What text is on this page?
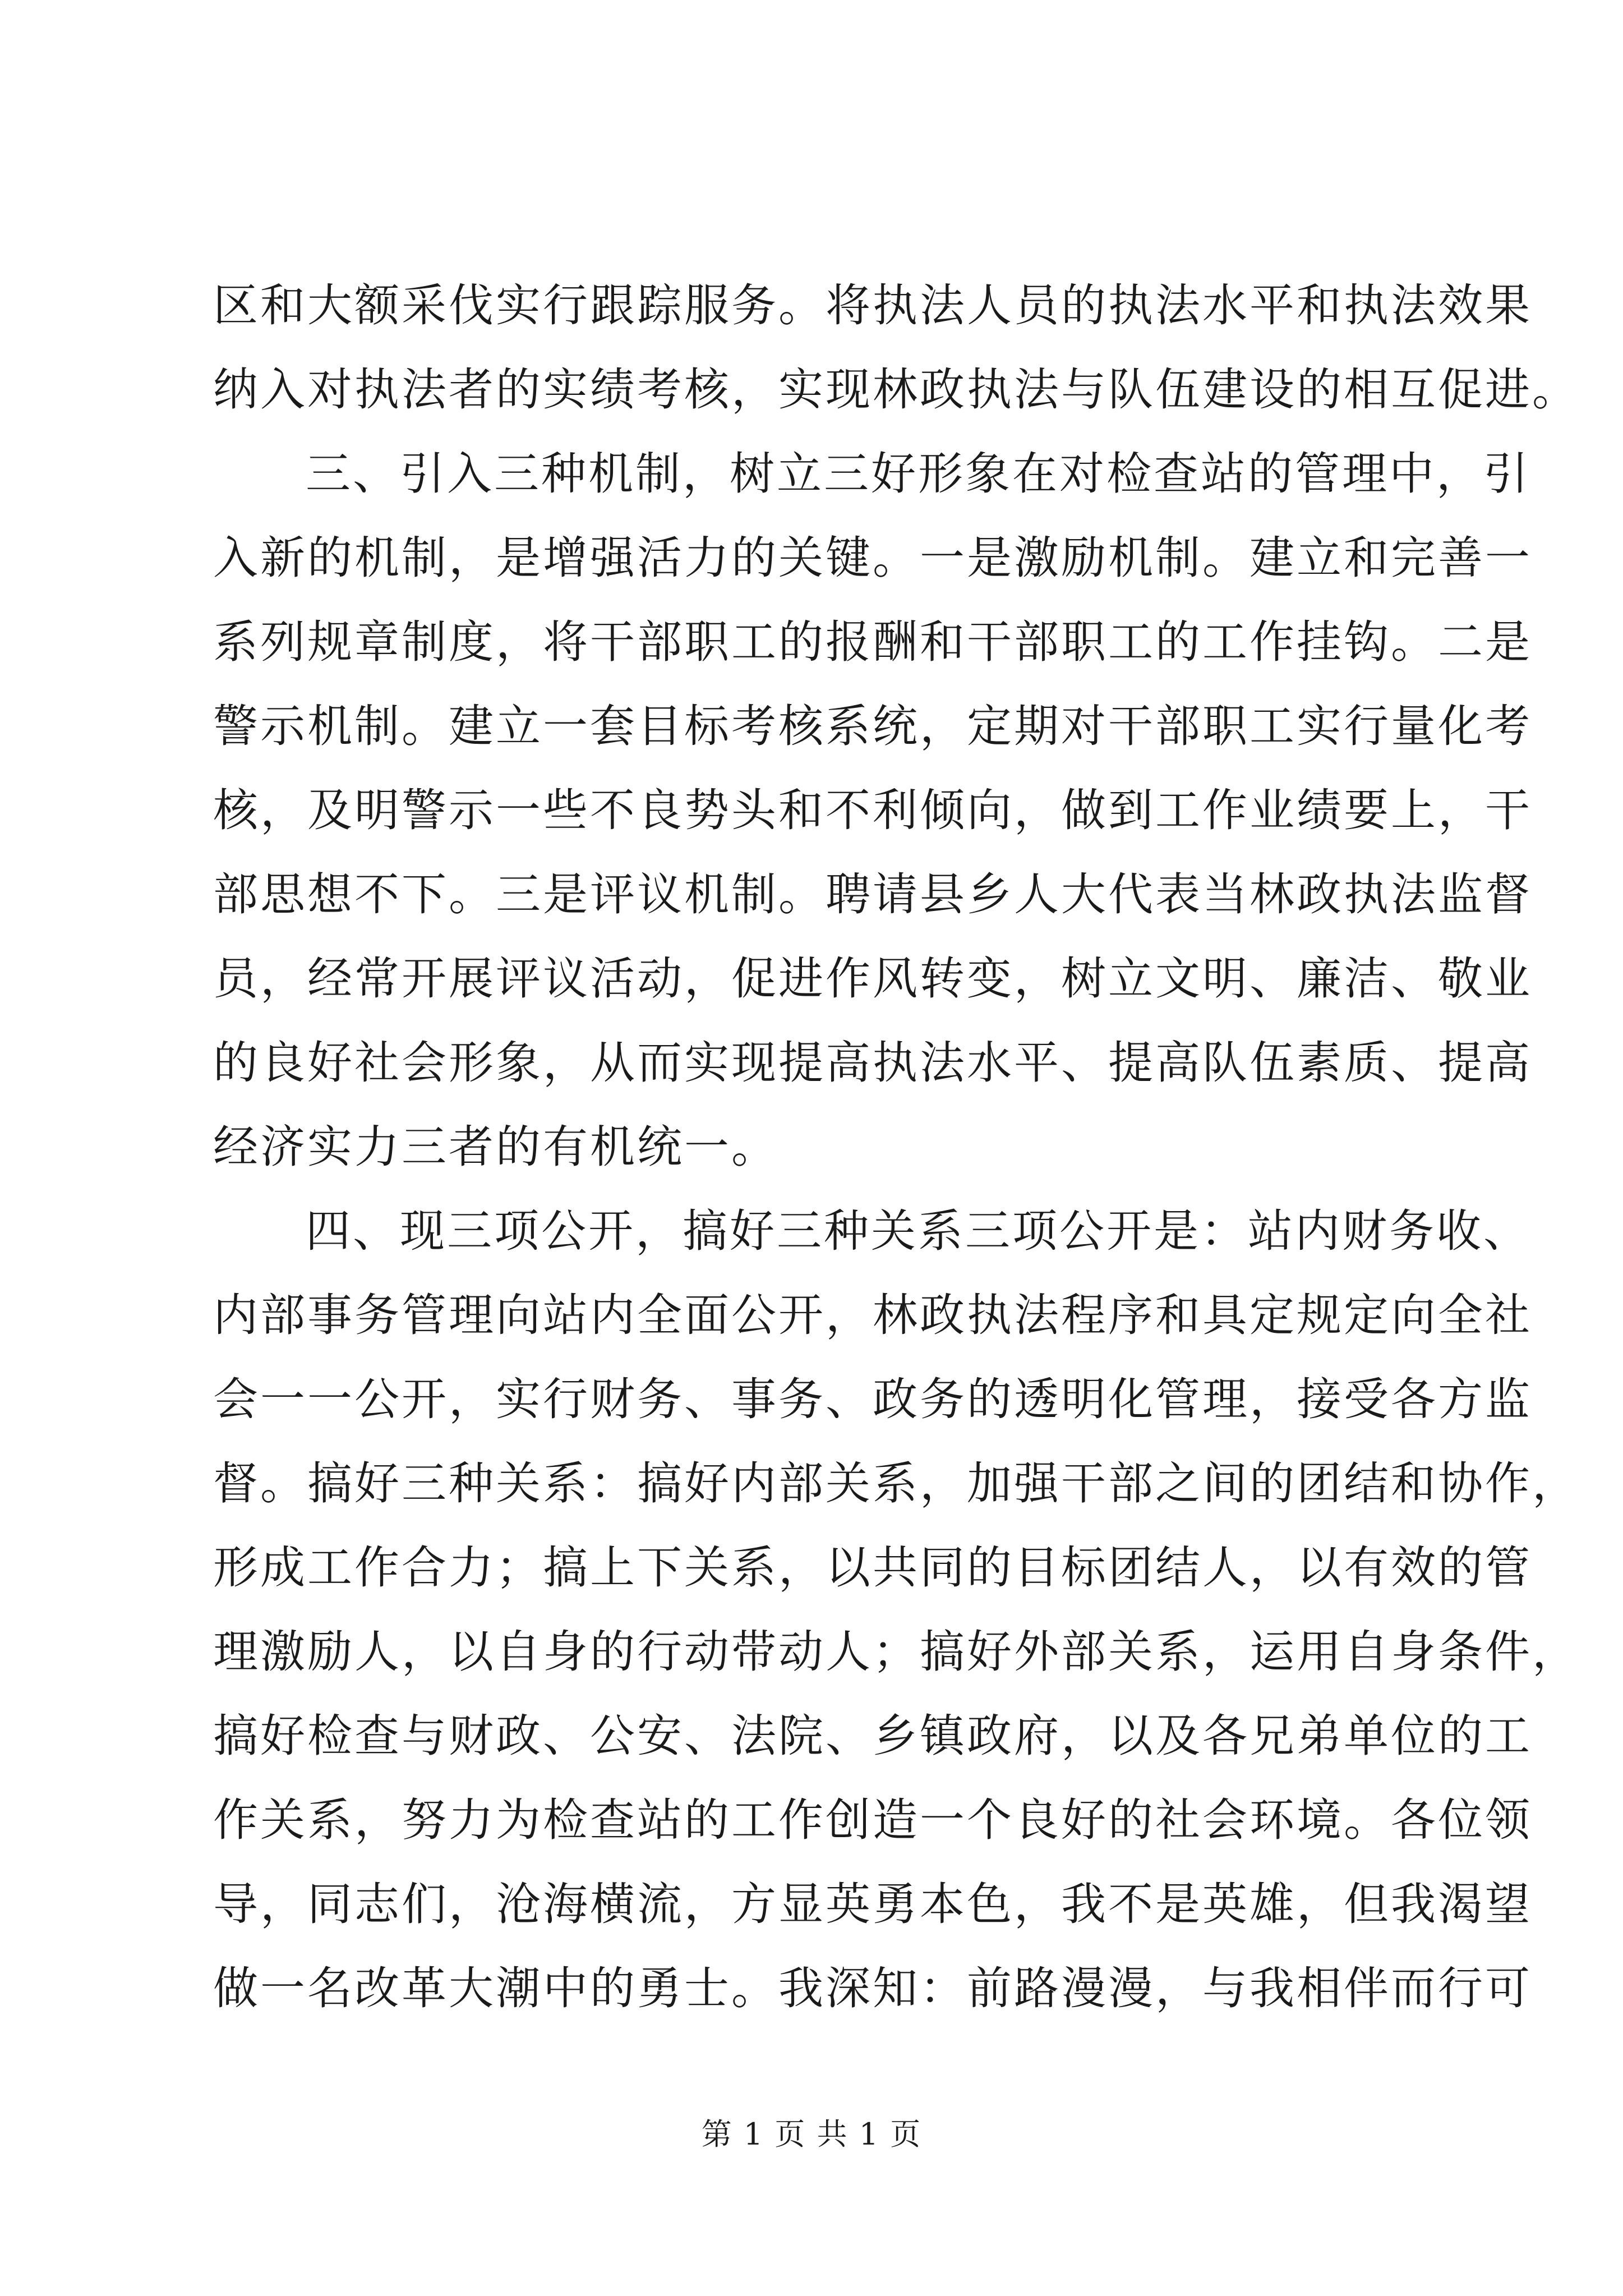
区和大额采伐实行跟踪服务。将执法人员的执法水平和执法效果
纳入对执法者的实绩考核，实现林政执法与队伍建设的相互促进。
三、引入三种机制，树立三好形象在对检查站的管理中，引
入新的机制，是增强活力的关键。一是激励机制。建立和完善一
系列规章制度，将干部职工的报酬和干部职工的工作挂钩。二是
警示机制。建立一套目标考核系统，定期对干部职工实行量化考
核，及明警示一些不良势头和不利倾向，做到工作业绩要上，干
部思想不下。三是评议机制。聘请县乡人大代表当林政执法监督
员，经常开展评议活动，促进作风转变，树立文明、廉洁、敬业
的良好社会形象，从而实现提高执法水平、提高队伍素质、提高
经济实力三者的有机统一。
四、现三项公开，搞好三种关系三项公开是：站内财务收、
内部事务管理向站内全面公开，林政执法程序和具定规定向全社
会一一公开，实行财务、事务、政务的透明化管理，接受各方监
督。搞好三种关系：搞好内部关系，加强干部之间的团结和协作，
形成工作合力；搞上下关系，以共同的目标团结人，以有效的管
理激励人，以自身的行动带动人；搞好外部关系，运用自身条件，
搞好检查与财政、公安、法院、乡镇政府，以及各兄弟单位的工
作关系，努力为检查站的工作创造一个良好的社会环境。各位领
导，同志们，沧海横流，方显英勇本色，我不是英雄，但我渴望
做一名改革大潮中的勇士。我深知：前路漫漫，与我相伴而行可
第 1 页 共 1 页
